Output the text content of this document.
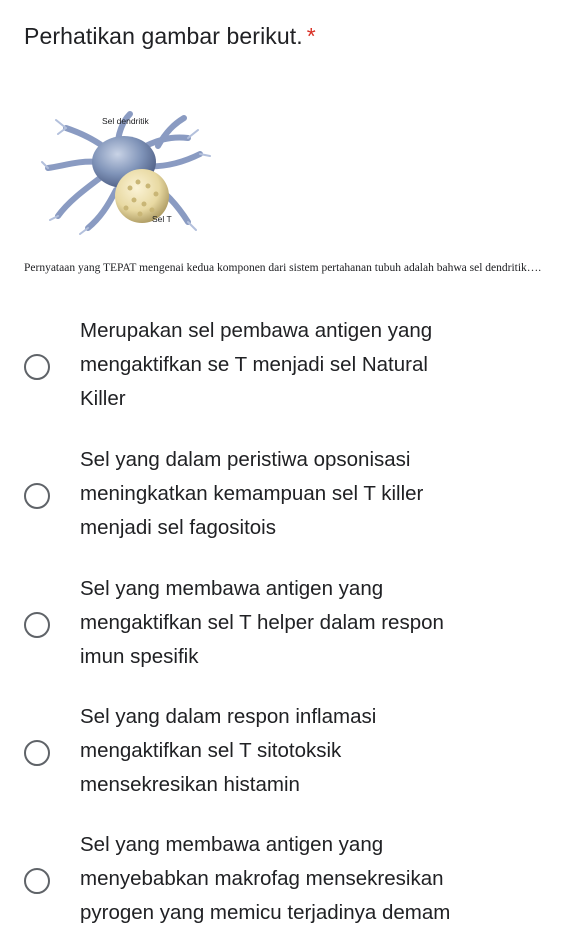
Perhatikan gambar berikut. *
Sel dendritik
Sel T
Pernyataan yang TEPAT mengenai kedua komponen dari sistem pertahanan tubuh adalah bahwa sel dendritik….
Merupakan sel pembawa antigen yang
mengaktifkan se T menjadi sel Natural
Killer
Sel yang dalam peristiwa opsonisasi
meningkatkan kemampuan sel T killer
menjadi sel fagositois
Sel yang membawa antigen yang
mengaktifkan sel T helper dalam respon
imun spesifik
Sel yang dalam respon inflamasi
mengaktifkan sel T sitotoksik
mensekresikan histamin
Sel yang membawa antigen yang
menyebabkan makrofag mensekresikan
pyrogen yang memicu terjadinya demam
